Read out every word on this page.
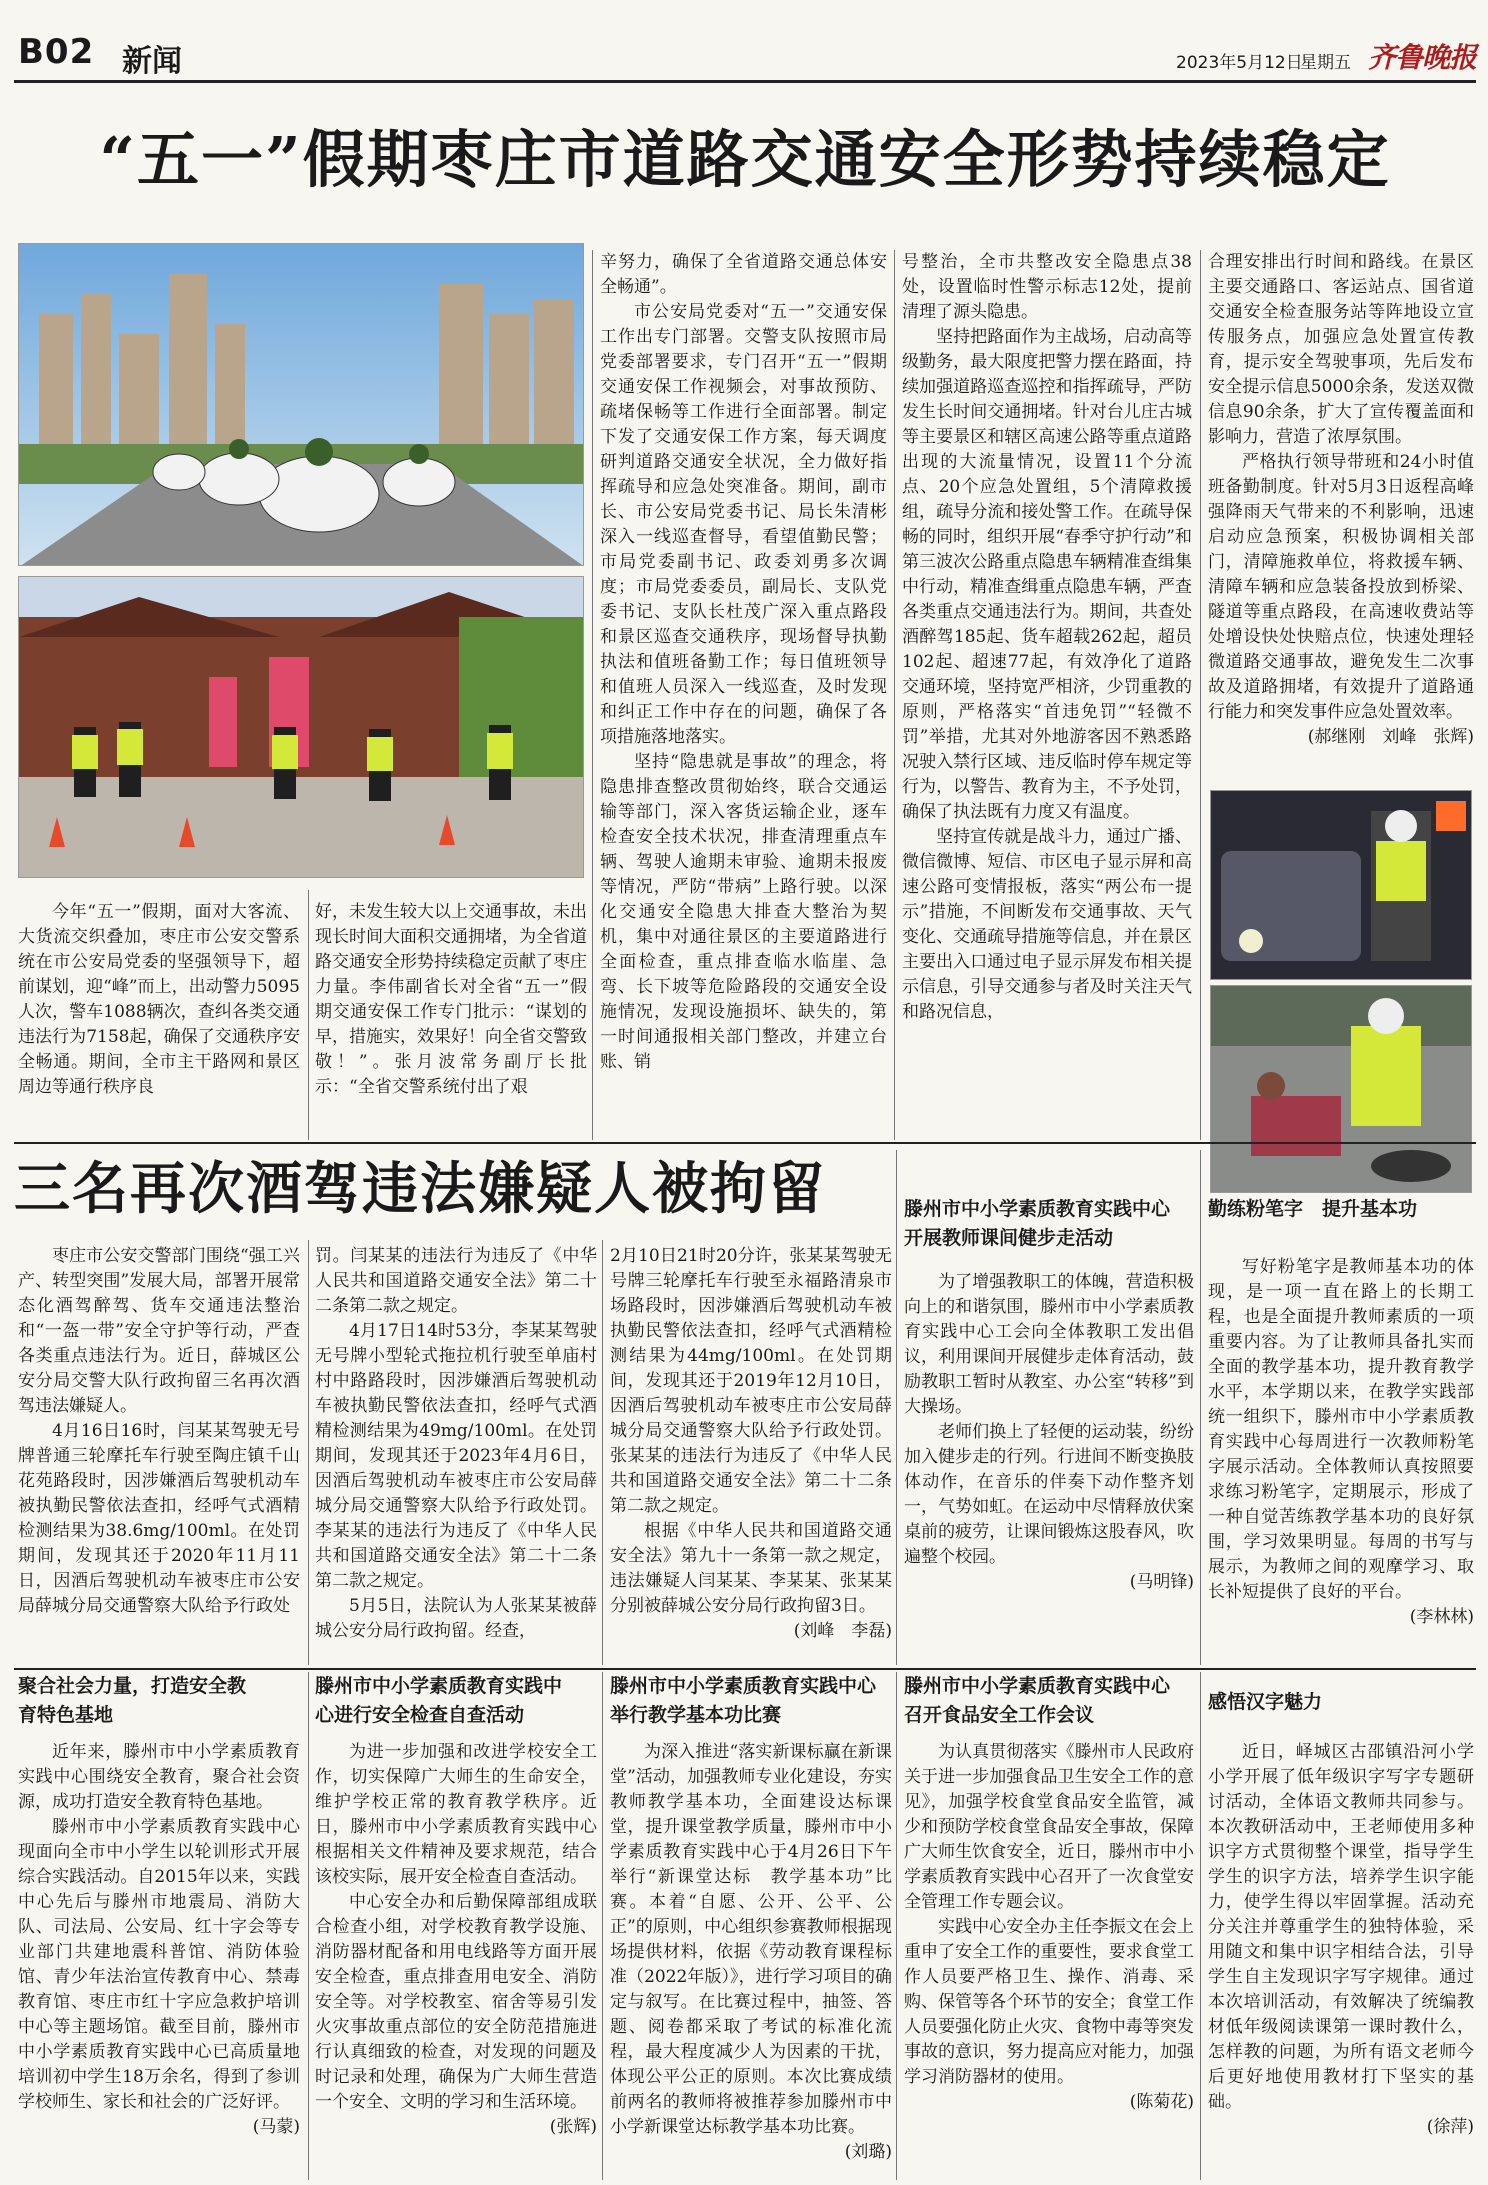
B02 新闻	2023年5月12日
星期五 齐鲁晚报
“五一”假期枣庄市道路交通安全形势持续稳定

今年“五一”假期，面对大客流、大货流交织叠加，枣庄市公安交警系统在市公安局党委的坚强领导下，超前谋划，迎“峰”而上，出动警力5095人次，警车1088辆次，查纠各类交通违法行为7158起，确保了交通秩序安全畅通。期间，全市主干路网和景区周边等通行秩序良

好，未发生较大以上交通事故，未出现长时间大面积交通拥堵，为全省道路交通安全形势持续稳定贡献了枣庄力量。李伟副省长对全省“五一”假期交通安保工作专门批示：“谋划的早，措施实，效果好！向全省交警致敬！”。张月波常务副厅长批示：“全省交警系统付出了艰

辛努力，确保了全省道路交通总体安全畅通”。

市公安局党委对“五一”交通安保工作出专门部署。交警支队按照市局党委部署要求，专门召开“五一”假期交通安保工作视频会，对事故预防、疏堵保畅等工作进行全面部署。制定下发了交通安保工作方案，每天调度研判道路交通安全状况，全力做好指挥疏导和应急处突准备。期间，副市长、市公安局党委书记、局长朱清彬深入一线巡查督导，看望值勤民警；市局党委副书记、政委刘勇多次调度；市局党委委员，副局长、支队党委书记、支队长杜茂广深入重点路段和景区巡查交通秩序，现场督导执勤执法和值班备勤工作；每日值班领导和值班人员深入一线巡查，及时发现和纠正工作中存在的问题，确保了各项措施落地落实。

坚持“隐患就是事故”的理念，将隐患排查整改贯彻始终，联合交通运输等部门，深入客货运输企业，逐车检查安全技术状况，排查清理重点车辆、驾驶人逾期未审验、逾期未报废等情况，严防“带病”上路行驶。以深化交通安全隐患大排查大整治为契机，集中对通往景区的主要道路进行全面检查，重点排查临水临崖、急弯、长下坡等危险路段的交通安全设施情况，发现设施损坏、缺失的，第一时间通报相关部门整改，并建立台账、销

号整治，全市共整改安全隐患点38处，设置临时性警示标志12处，提前清理了源头隐患。

坚持把路面作为主战场，启动高等级勤务，最大限度把警力摆在路面，持续加强道路巡查巡控和指挥疏导，严防发生长时间交通拥堵。针对台儿庄古城等主要景区和辖区高速公路等重点道路出现的大流量情况，设置11个分流点、20个应急处置组，5个清障救援组，疏导分流和接处警工作。在疏导保畅的同时，组织开展“春季守护行动”和第三波次公路重点隐患车辆精准查缉集中行动，精准查缉重点隐患车辆，严查各类重点交通违法行为。期间，共查处酒醉驾185起、货车超载262起，超员102起、超速77起，有效净化了道路交通环境，坚持宽严相济，少罚重教的原则，严格落实“首违免罚”“轻微不罚”举措，尤其对外地游客因不熟悉路况驶入禁行区域、违反临时停车规定等行为，以警告、教育为主，不予处罚，确保了执法既有力度又有温度。

坚持宣传就是战斗力，通过广播、微信微博、短信、市区电子显示屏和高速公路可变情报板，落实“两公布一提示”措施，不间断发布交通事故、天气变化、交通疏导措施等信息，并在景区主要出入口通过电子显示屏发布相关提示信息，引导交通参与者及时关注天气和路况信息，

合理安排出行时间和路线。在景区主要交通路口、客运站点、国省道交通安全检查服务站等阵地设立宣传服务点，加强应急处置宣传教育，提示安全驾驶事项，先后发布安全提示信息5000余条，发送双微信息90余条，扩大了宣传覆盖面和影响力，营造了浓厚氛围。

严格执行领导带班和24小时值班备勤制度。针对5月3日返程高峰强降雨天气带来的不利影响，迅速启动应急预案，积极协调相关部门，清障施救单位，将救援车辆、清障车辆和应急装备投放到桥梁、隧道等重点路段，在高速收费站等处增设快处快赔点位，快速处理轻微道路交通事故，避免发生二次事故及道路拥堵，有效提升了道路通行能力和突发事件应急处置效率。

(郝继刚　刘峰　张辉)
三名再次酒驾违法嫌疑人被拘留

枣庄市公安交警部门围绕“强工兴产、转型突围”发展大局，部署开展常态化酒驾醉驾、货车交通违法整治和“一盔一带”安全守护等行动，严查各类重点违法行为。近日，薛城区公安分局交警大队行政拘留三名再次酒驾违法嫌疑人。

4月16日16时，闫某某驾驶无号牌普通三轮摩托车行驶至陶庄镇千山花苑路段时，因涉嫌酒后驾驶机动车被执勤民警依法查扣，经呼气式酒精检测结果为38.6mg/100ml。在处罚期间，发现其还于2020年11月11日，因酒后驾驶机动车被枣庄市公安局薛城分局交通警察大队给予行政处

罚。闫某某的违法行为违反了《中华人民共和国道路交通安全法》第二十二条第二款之规定。

4月17日14时53分，李某某驾驶无号牌小型轮式拖拉机行驶至单庙村村中路路段时，因涉嫌酒后驾驶机动车被执勤民警依法查扣，经呼气式酒精检测结果为49mg/100ml。在处罚期间，发现其还于2023年4月6日，因酒后驾驶机动车被枣庄市公安局薛城分局交通警察大队给予行政处罚。李某某的违法行为违反了《中华人民共和国道路交通安全法》第二十二条第二款之规定。

5月5日，法院认为人张某某被薛城公安分局行政拘留。经查，

2月10日21时20分许，张某某驾驶无号牌三轮摩托车行驶至永福路清泉市场路段时，因涉嫌酒后驾驶机动车被执勤民警依法查扣，经呼气式酒精检测结果为44mg/100ml。在处罚期间，发现其还于2019年12月10日，因酒后驾驶机动车被枣庄市公安局薛城分局交通警察大队给予行政处罚。张某某的违法行为违反了《中华人民共和国道路交通安全法》第二十二条第二款之规定。

根据《中华人民共和国道路交通安全法》第九十一条第一款之规定，违法嫌疑人闫某某、李某某、张某某分别被薛城公安分局行政拘留3日。

(刘峰　李磊)
滕州市中小学素质教育实践中心
开展教师课间健步走活动

为了增强教职工的体魄，营造积极向上的和谐氛围，滕州市中小学素质教育实践中心工会向全体教职工发出倡议，利用课间开展健步走体育活动，鼓励教职工暂时从教室、办公室“转移”到大操场。

老师们换上了轻便的运动装，纷纷加入健步走的行列。行进间不断变换肢体动作，在音乐的伴奏下动作整齐划一，气势如虹。在运动中尽情释放伏案桌前的疲劳，让课间锻炼这股春风，吹遍整个校园。

(马明锋)
勤练粉笔字　提升基本功

写好粉笔字是教师基本功的体现，是一项一直在路上的长期工程，也是全面提升教师素质的一项重要内容。为了让教师具备扎实而全面的教学基本功，提升教育教学水平，本学期以来，在教学实践部统一组织下，滕州市中小学素质教育实践中心每周进行一次教师粉笔字展示活动。全体教师认真按照要求练习粉笔字，定期展示，形成了一种自觉苦练教学基本功的良好氛围，学习效果明显。每周的书写与展示，为教师之间的观摩学习、取长补短提供了良好的平台。

(李林林)
聚合社会力量，打造安全教
育特色基地

近年来，滕州市中小学素质教育实践中心围绕安全教育，聚合社会资源，成功打造安全教育特色基地。

滕州市中小学素质教育实践中心现面向全市中小学生以轮训形式开展综合实践活动。自2015年以来，实践中心先后与滕州市地震局、消防大队、司法局、公安局、红十字会等专业部门共建地震科普馆、消防体验馆、青少年法治宣传教育中心、禁毒教育馆、枣庄市红十字应急救护培训中心等主题场馆。截至目前，滕州市中小学素质教育实践中心已高质量地培训初中学生18万余名，得到了参训学校师生、家长和社会的广泛好评。

(马蒙)
滕州市中小学素质教育实践中
心进行安全检查自查活动

为进一步加强和改进学校安全工作，切实保障广大师生的生命安全，维护学校正常的教育教学秩序。近日，滕州市中小学素质教育实践中心根据相关文件精神及要求规范，结合该校实际，展开安全检查自查活动。

中心安全办和后勤保障部组成联合检查小组，对学校教育教学设施、消防器材配备和用电线路等方面开展安全检查，重点排查用电安全、消防安全等。对学校教室、宿舍等易引发火灾事故重点部位的安全防范措施进行认真细致的检查，对发现的问题及时记录和处理，确保为广大师生营造一个安全、文明的学习和生活环境。

(张辉)
滕州市中小学素质教育实践中心
举行教学基本功比赛

为深入推进“落实新课标赢在新课堂”活动，加强教师专业化建设，夯实教师教学基本功，全面建设达标课堂，提升课堂教学质量，滕州市中小学素质教育实践中心于4月26日下午举行“新课堂达标　教学基本功”比赛。本着“自愿、公开、公平、公正”的原则，中心组织参赛教师根据现场提供材料，依据《劳动教育课程标准（2022年版）》，进行学习项目的确定与叙写。在比赛过程中，抽签、答题、阅卷都采取了考试的标准化流程，最大程度减少人为因素的干扰，体现公平公正的原则。本次比赛成绩前两名的教师将被推荐参加滕州市中小学新课堂达标教学基本功比赛。

(刘璐)
滕州市中小学素质教育实践中心
召开食品安全工作会议

为认真贯彻落实《滕州市人民政府关于进一步加强食品卫生安全工作的意见》，加强学校食堂食品安全监管，减少和预防学校食堂食品安全事故，保障广大师生饮食安全，近日，滕州市中小学素质教育实践中心召开了一次食堂安全管理工作专题会议。

实践中心安全办主任李振文在会上重申了安全工作的重要性，要求食堂工作人员要严格卫生、操作、消毒、采购、保管等各个环节的安全；食堂工作人员要强化防止火灾、食物中毒等突发事故的意识，努力提高应对能力，加强学习消防器材的使用。

(陈菊花)
感悟汉字魅力

近日，峄城区古邵镇沿河小学小学开展了低年级识字写字专题研讨活动，全体语文教师共同参与。本次教研活动中，王老师使用多种识字方式贯彻整个课堂，指导学生学生的识字方法，培养学生识字能力，使学生得以牢固掌握。活动充分关注并尊重学生的独特体验，采用随文和集中识字相结合法，引导学生自主发现识字写字规律。通过本次培训活动，有效解决了统编教材低年级阅读课第一课时教什么，怎样教的问题，为所有语文老师今后更好地使用教材打下坚实的基础。

(徐萍)
